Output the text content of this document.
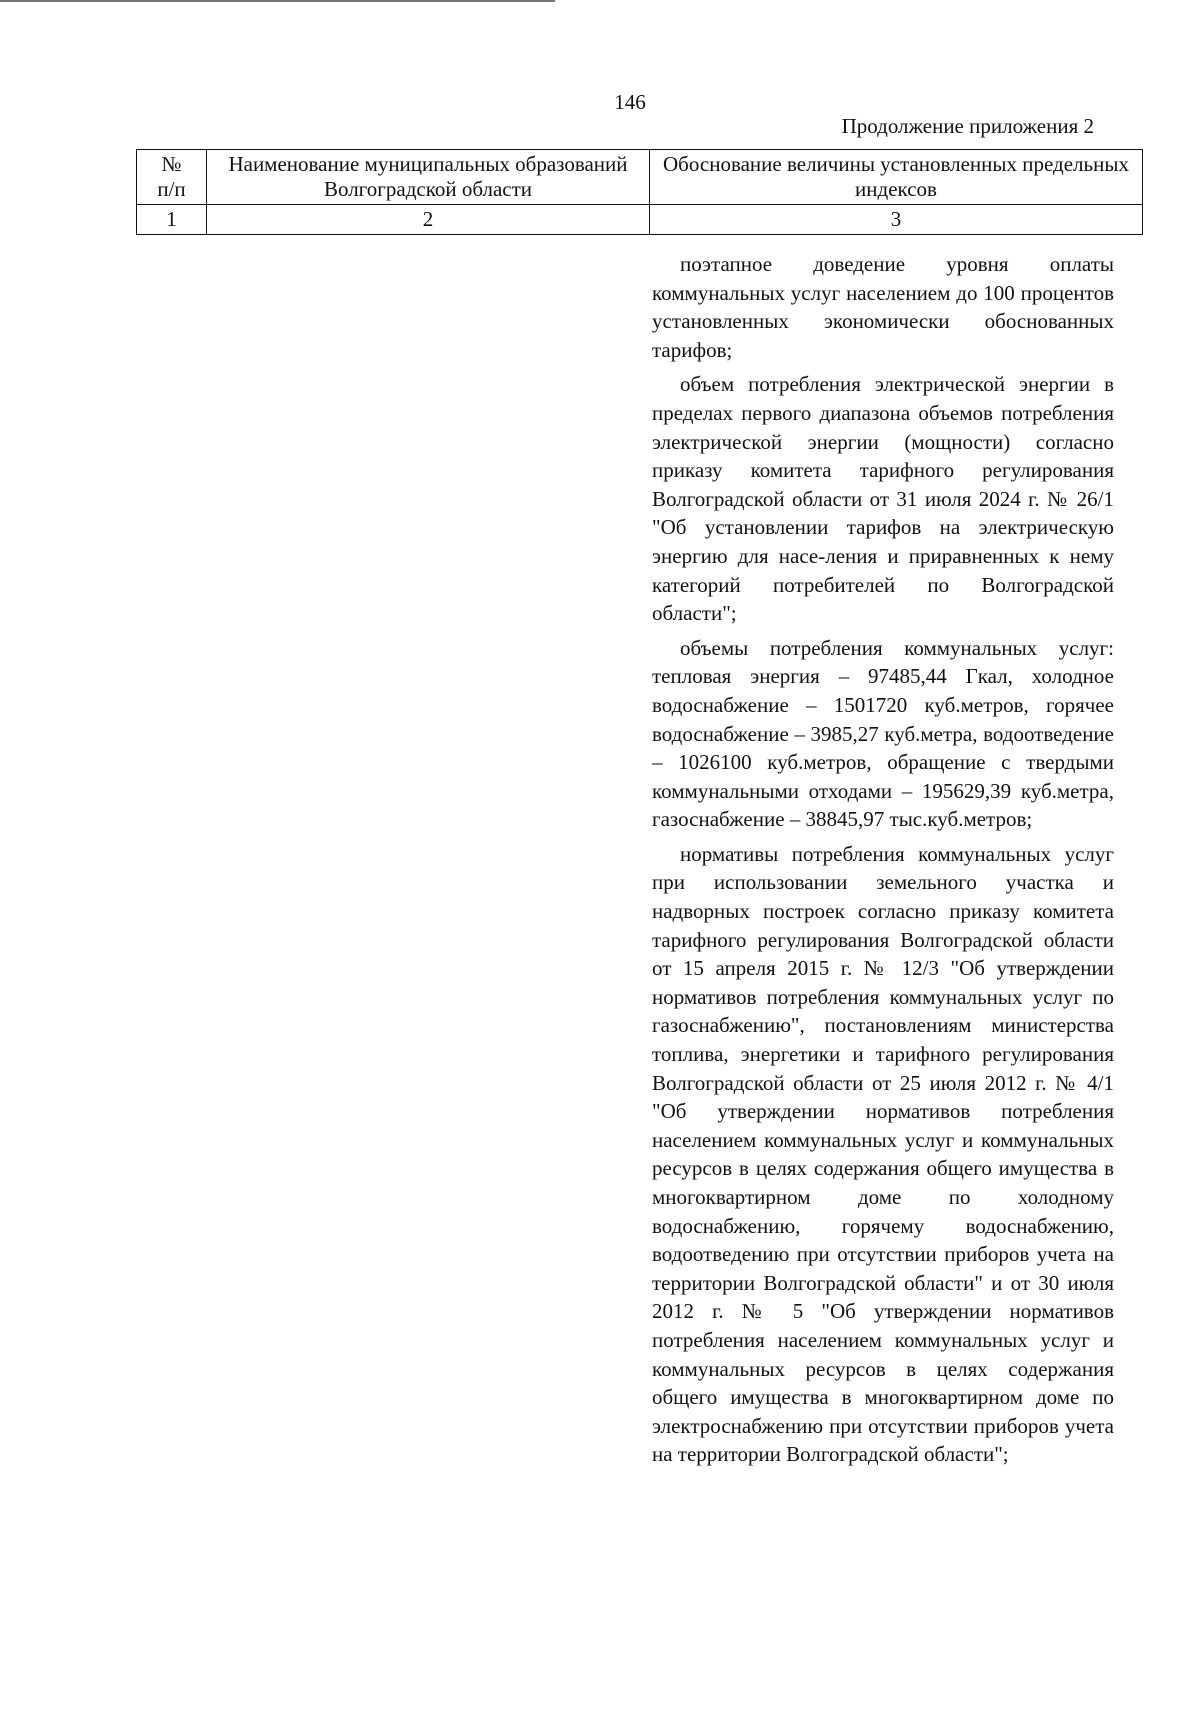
146
Продолжение приложения 2
№
п/п	Наименование муниципальных образований Волгоградской области	Обоснование величины установленных предельных индексов
1	2	3

поэтапное доведение уровня оплаты коммунальных услуг населением до 100 процентов установленных экономически обоснованных тарифов;

объем потребления электрической энергии в пределах первого диапазона объемов потребления электрической энергии (мощности) согласно приказу комитета тарифного регулирования Волгоградской области от 31 июля 2024 г. № 26/1 "Об установлении тарифов на электрическую энергию для насе-ления и приравненных к нему категорий потребителей по Волгоградской области";

объемы потребления коммунальных услуг: тепловая энергия – 97485,44 Гкал, холодное водоснабжение – 1501720 куб.метров, горячее водоснабжение – 3985,27 куб.метра, водоотведение – 1026100 куб.метров, обращение с твердыми коммунальными отходами – 195629,39 куб.метра, газоснабжение – 38845,97 тыс.куб.метров;

нормативы потребления коммунальных услуг при использовании земельного участка и надворных построек согласно приказу комитета тарифного регулирования Волгоградской области от 15 апреля 2015 г. № 12/3 "Об утверждении нормативов потребления коммунальных услуг по газоснабжению", постановлениям министерства топлива, энергетики и тарифного регулирования Волгоградской области от 25 июля 2012 г. № 4/1 "Об утверждении нормативов потребления населением коммунальных услуг и коммунальных ресурсов в целях содержания общего имущества в многоквартирном доме по холодному водоснабжению, горячему водоснабжению, водоотведению при отсутствии приборов учета на территории Волгоградской области" и от 30 июля 2012 г. № 5 "Об утверждении нормативов потребления населением коммунальных услуг и коммунальных ресурсов в целях содержания общего имущества в многоквартирном доме по электроснабжению при отсутствии приборов учета на территории Волгоградской области";
